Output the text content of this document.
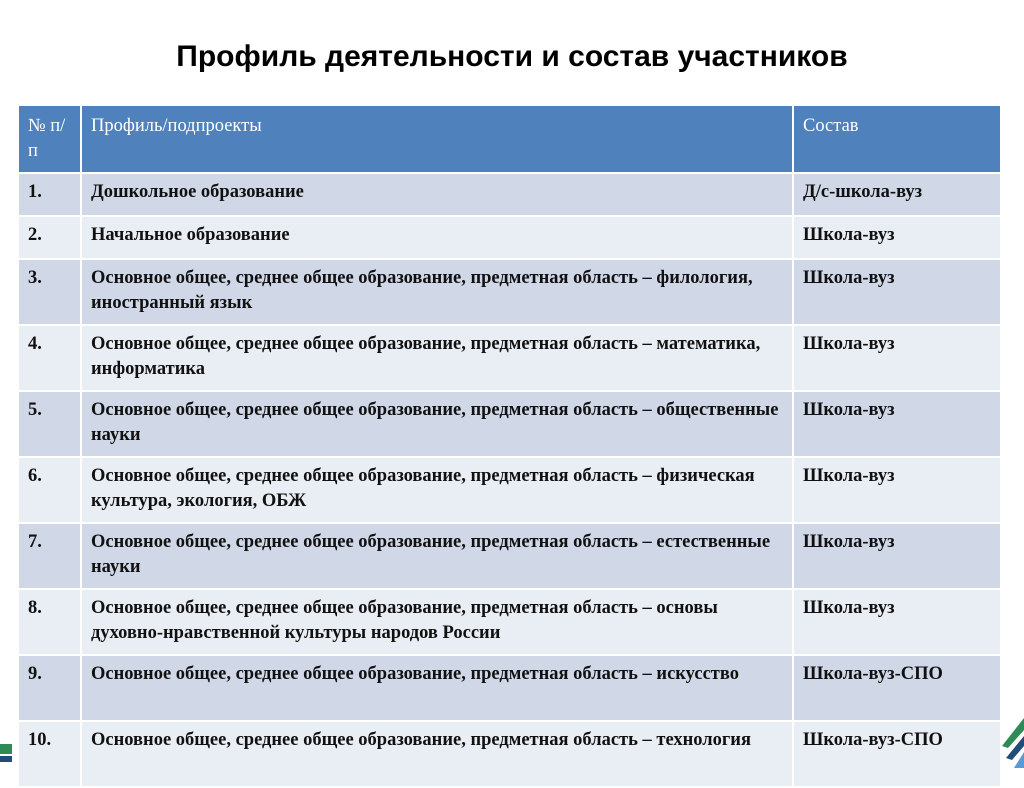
Профиль деятельности и состав участников
№ п/п	Профиль/подпроекты	Состав
1.	Дошкольное образование	Д/с-школа-вуз
2.	Начальное образование	Школа-вуз
3.	Основное общее, среднее общее образование, предметная область – филология, иностранный язык	Школа-вуз
4.	Основное общее, среднее общее образование, предметная область – математика, информатика	Школа-вуз
5.	Основное общее, среднее общее образование, предметная область – общественные науки	Школа-вуз
6.	Основное общее, среднее общее образование, предметная область – физическая культура, экология, ОБЖ	Школа-вуз
7.	Основное общее, среднее общее образование, предметная область – естественные науки	Школа-вуз
8.	Основное общее, среднее общее образование, предметная область – основы духовно-нравственной культуры народов России	Школа-вуз
9.	Основное общее, среднее общее образование, предметная область – искусство	Школа-вуз-СПО
10.	Основное общее, среднее общее образование, предметная область – технология	Школа-вуз-СПО
